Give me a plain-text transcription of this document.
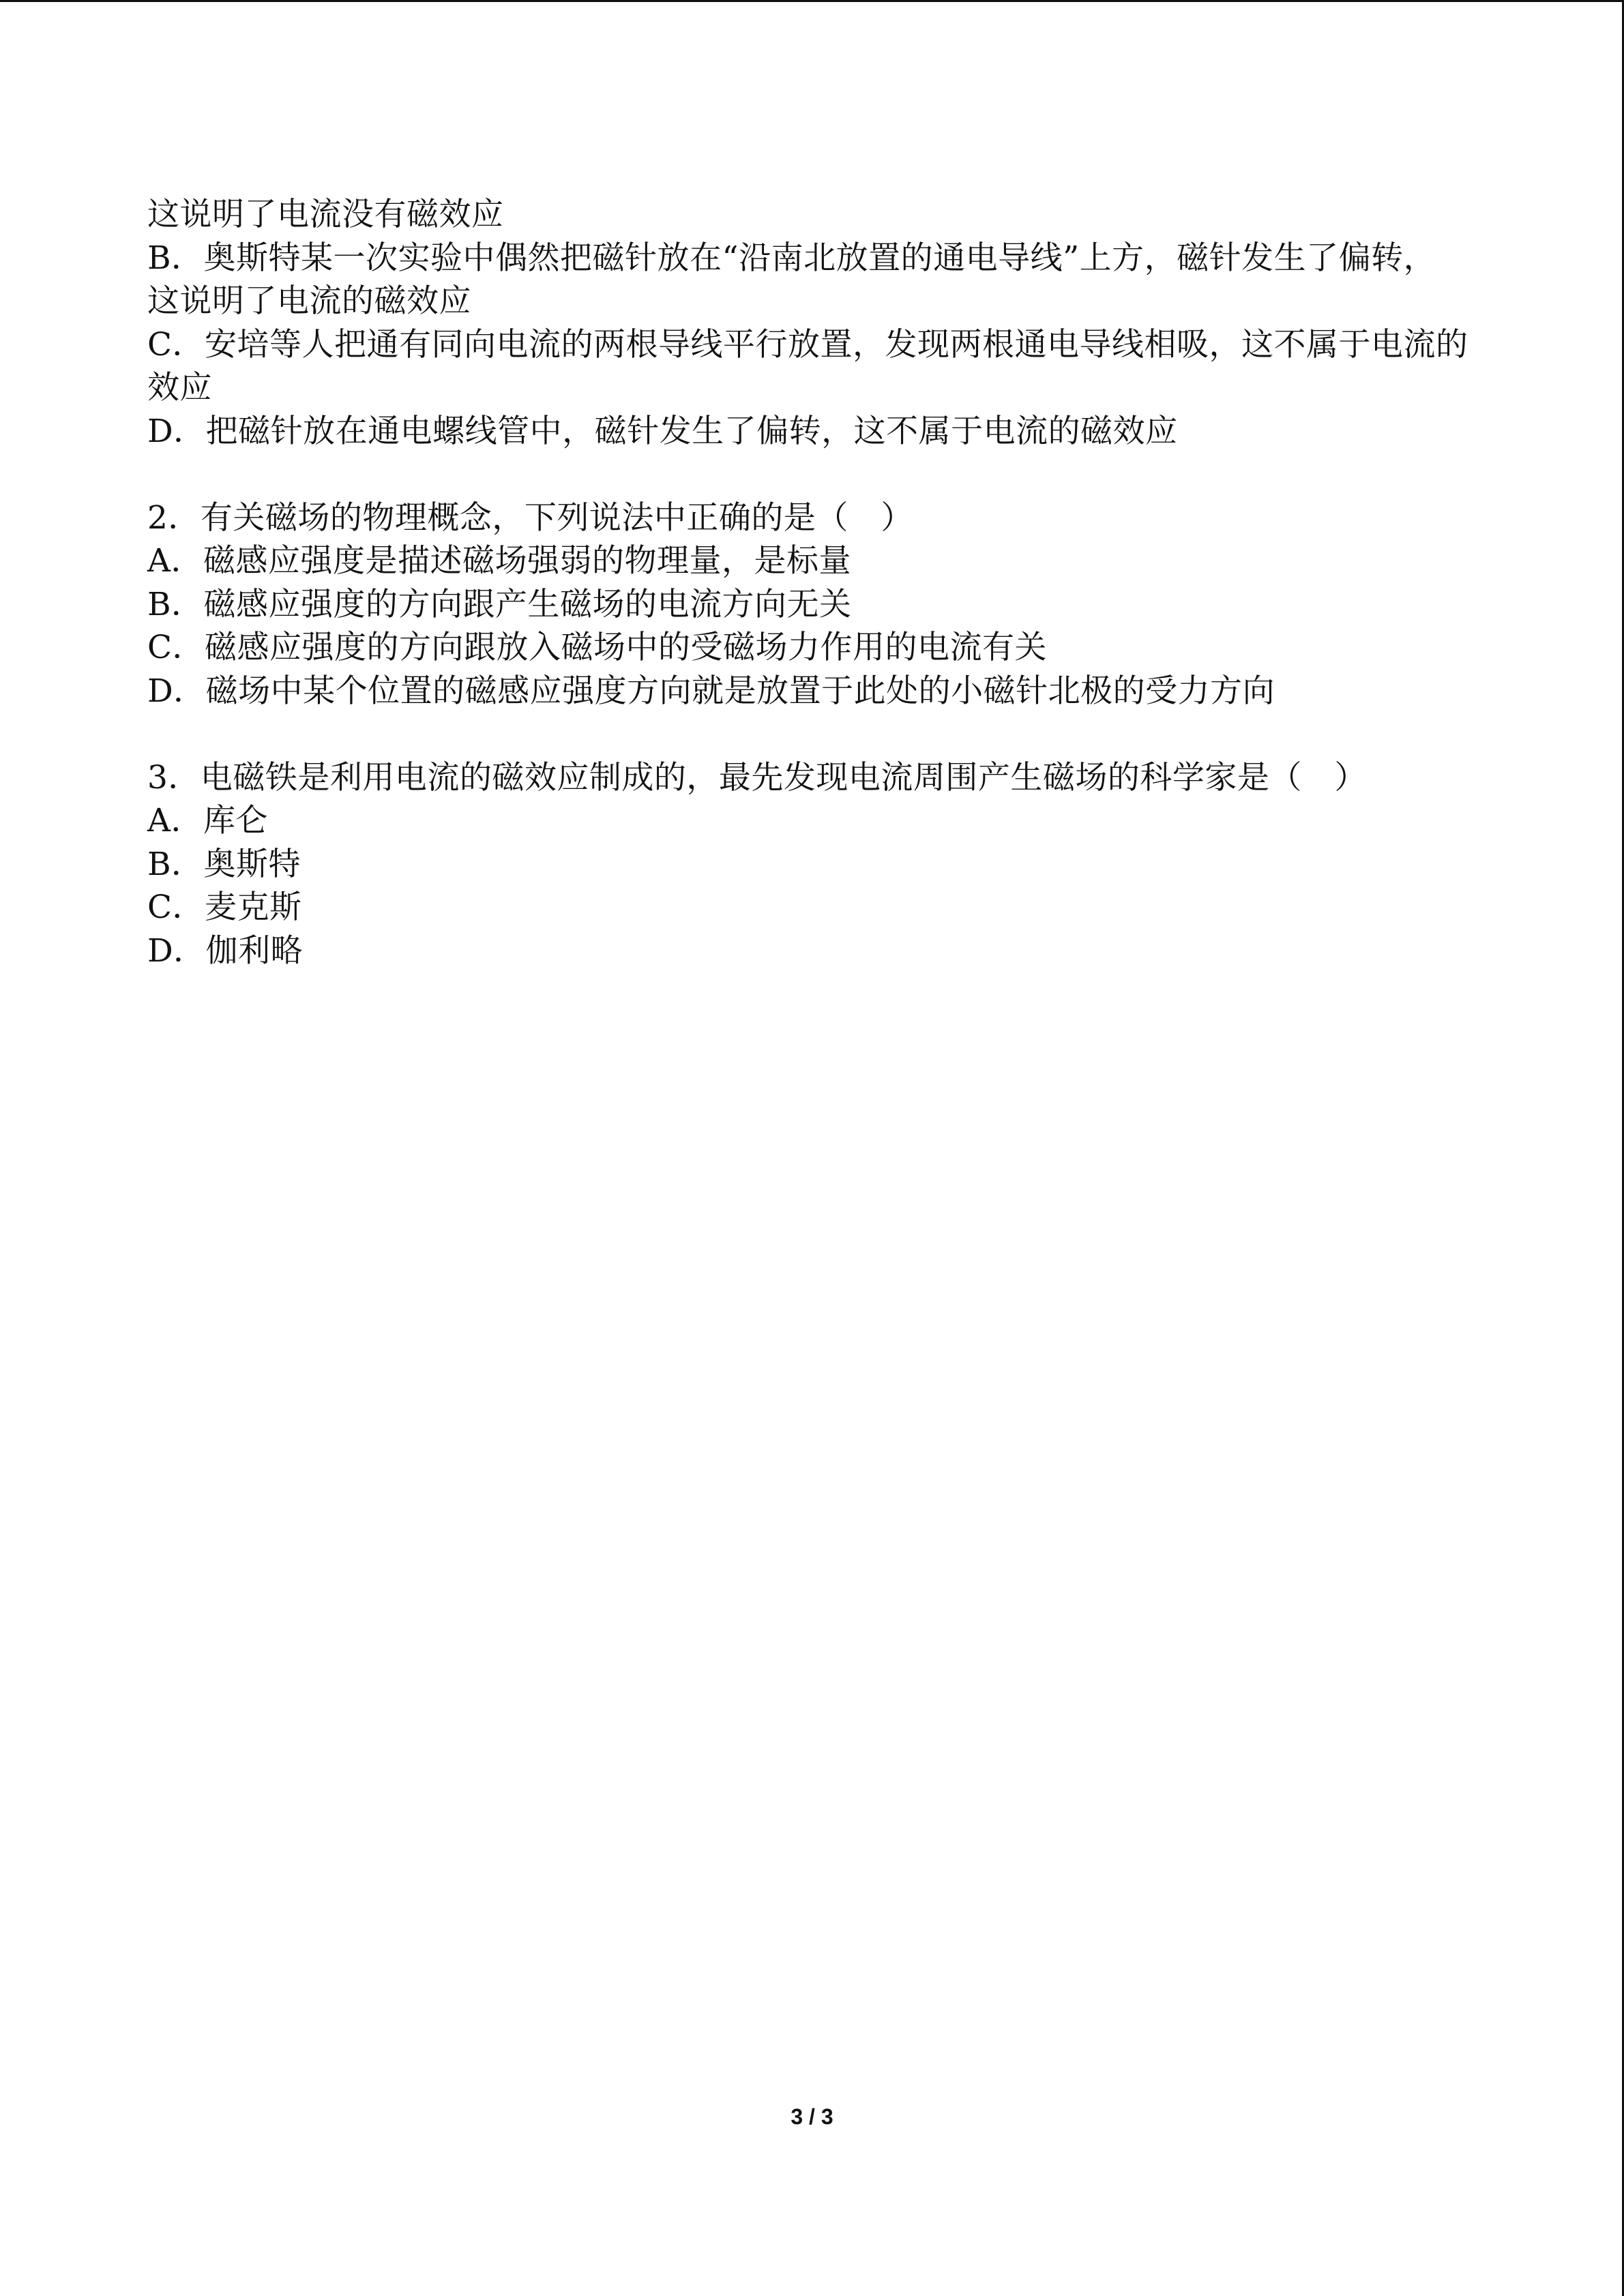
这说明了电流没有磁效应
B．奥斯特某一次实验中偶然把磁针放在“沿南北放置的通电导线”上方，磁针发生了偏转，
这说明了电流的磁效应
C．安培等人把通有同向电流的两根导线平行放置，发现两根通电导线相吸，这不属于电流的
效应
D．把磁针放在通电螺线管中，磁针发生了偏转，这不属于电流的磁效应
2．有关磁场的物理概念，下列说法中正确的是（　）
A．磁感应强度是描述磁场强弱的物理量，是标量
B．磁感应强度的方向跟产生磁场的电流方向无关
C．磁感应强度的方向跟放入磁场中的受磁场力作用的电流有关
D．磁场中某个位置的磁感应强度方向就是放置于此处的小磁针北极的受力方向
3．电磁铁是利用电流的磁效应制成的，最先发现电流周围产生磁场的科学家是（　）
A．库仑
B．奥斯特
C．麦克斯
D．伽利略
3 / 3
